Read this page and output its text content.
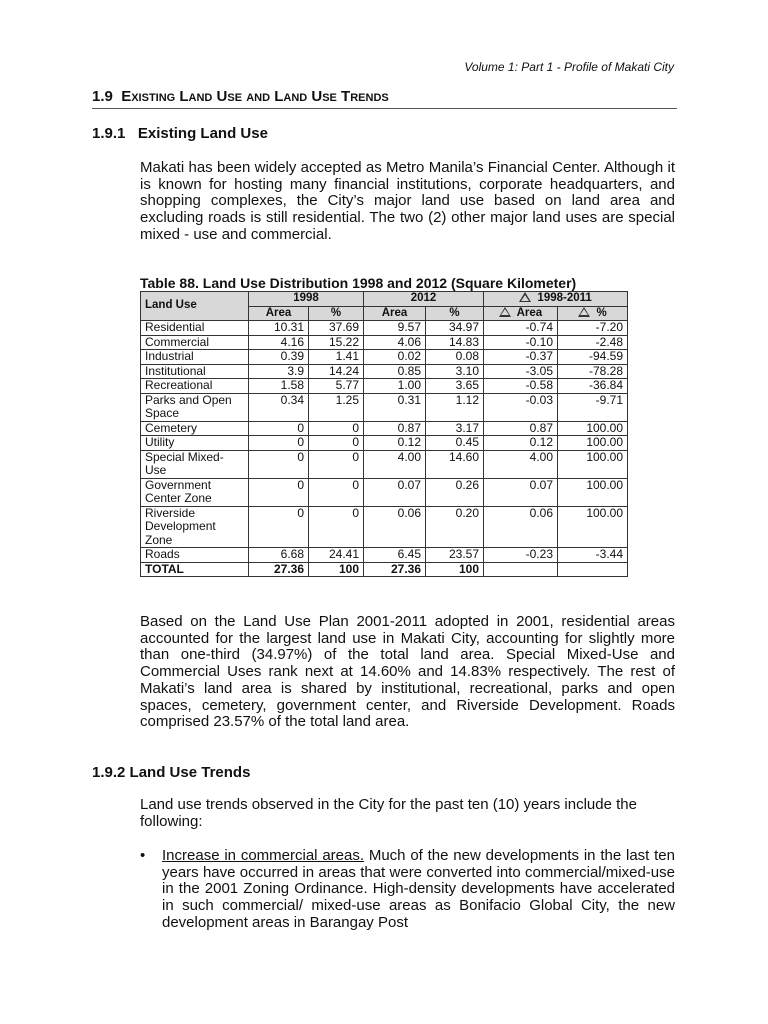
Volume 1: Part 1 - Profile of Makati City
1.9 Existing Land Use and Land Use Trends
1.9.1 Existing Land Use
Makati has been widely accepted as Metro Manila’s Financial Center. Although it is known for hosting many financial institutions, corporate headquarters, and shopping complexes, the City’s major land use based on land area and excluding roads is still residential. The two (2) other major land uses are special mixed - use and commercial.
Table 88. Land Use Distribution 1998 and 2012 (Square Kilometer)
Land Use	1998		2012		1998-2011	
	Area	%	Area	%	Area	%
Residential	10.31	37.69	9.57	34.97	-0.74	-7.20
Commercial	4.16	15.22	4.06	14.83	-0.10	-2.48
Industrial	0.39	1.41	0.02	0.08	-0.37	-94.59
Institutional	3.9	14.24	0.85	3.10	-3.05	-78.28
Recreational	1.58	5.77	1.00	3.65	-0.58	-36.84
Parks and Open Space	0.34	1.25	0.31	1.12	-0.03	-9.71
Cemetery	0	0	0.87	3.17	0.87	100.00
Utility	0	0	0.12	0.45	0.12	100.00
Special Mixed-Use	0	0	4.00	14.60	4.00	100.00
Government Center Zone	0	0	0.07	0.26	0.07	100.00
Riverside Development Zone	0	0	0.06	0.20	0.06	100.00
Roads	6.68	24.41	6.45	23.57	-0.23	-3.44
TOTAL	27.36	100	27.36	100		
Based on the Land Use Plan 2001-2011 adopted in 2001, residential areas accounted for the largest land use in Makati City, accounting for slightly more than one-third (34.97%) of the total land area. Special Mixed-Use and Commercial Uses rank next at 14.60% and 14.83% respectively. The rest of Makati’s land area is shared by institutional, recreational, parks and open spaces, cemetery, government center, and Riverside Development. Roads comprised 23.57% of the total land area.
1.9.2 Land Use Trends
Land use trends observed in the City for the past ten (10) years include the following:
• Increase in commercial areas. Much of the new developments in the last ten years have occurred in areas that were converted into commercial/mixed-use in the 2001 Zoning Ordinance. High-density developments have accelerated in such commercial/ mixed-use areas as Bonifacio Global City, the new development areas in Barangay Post
